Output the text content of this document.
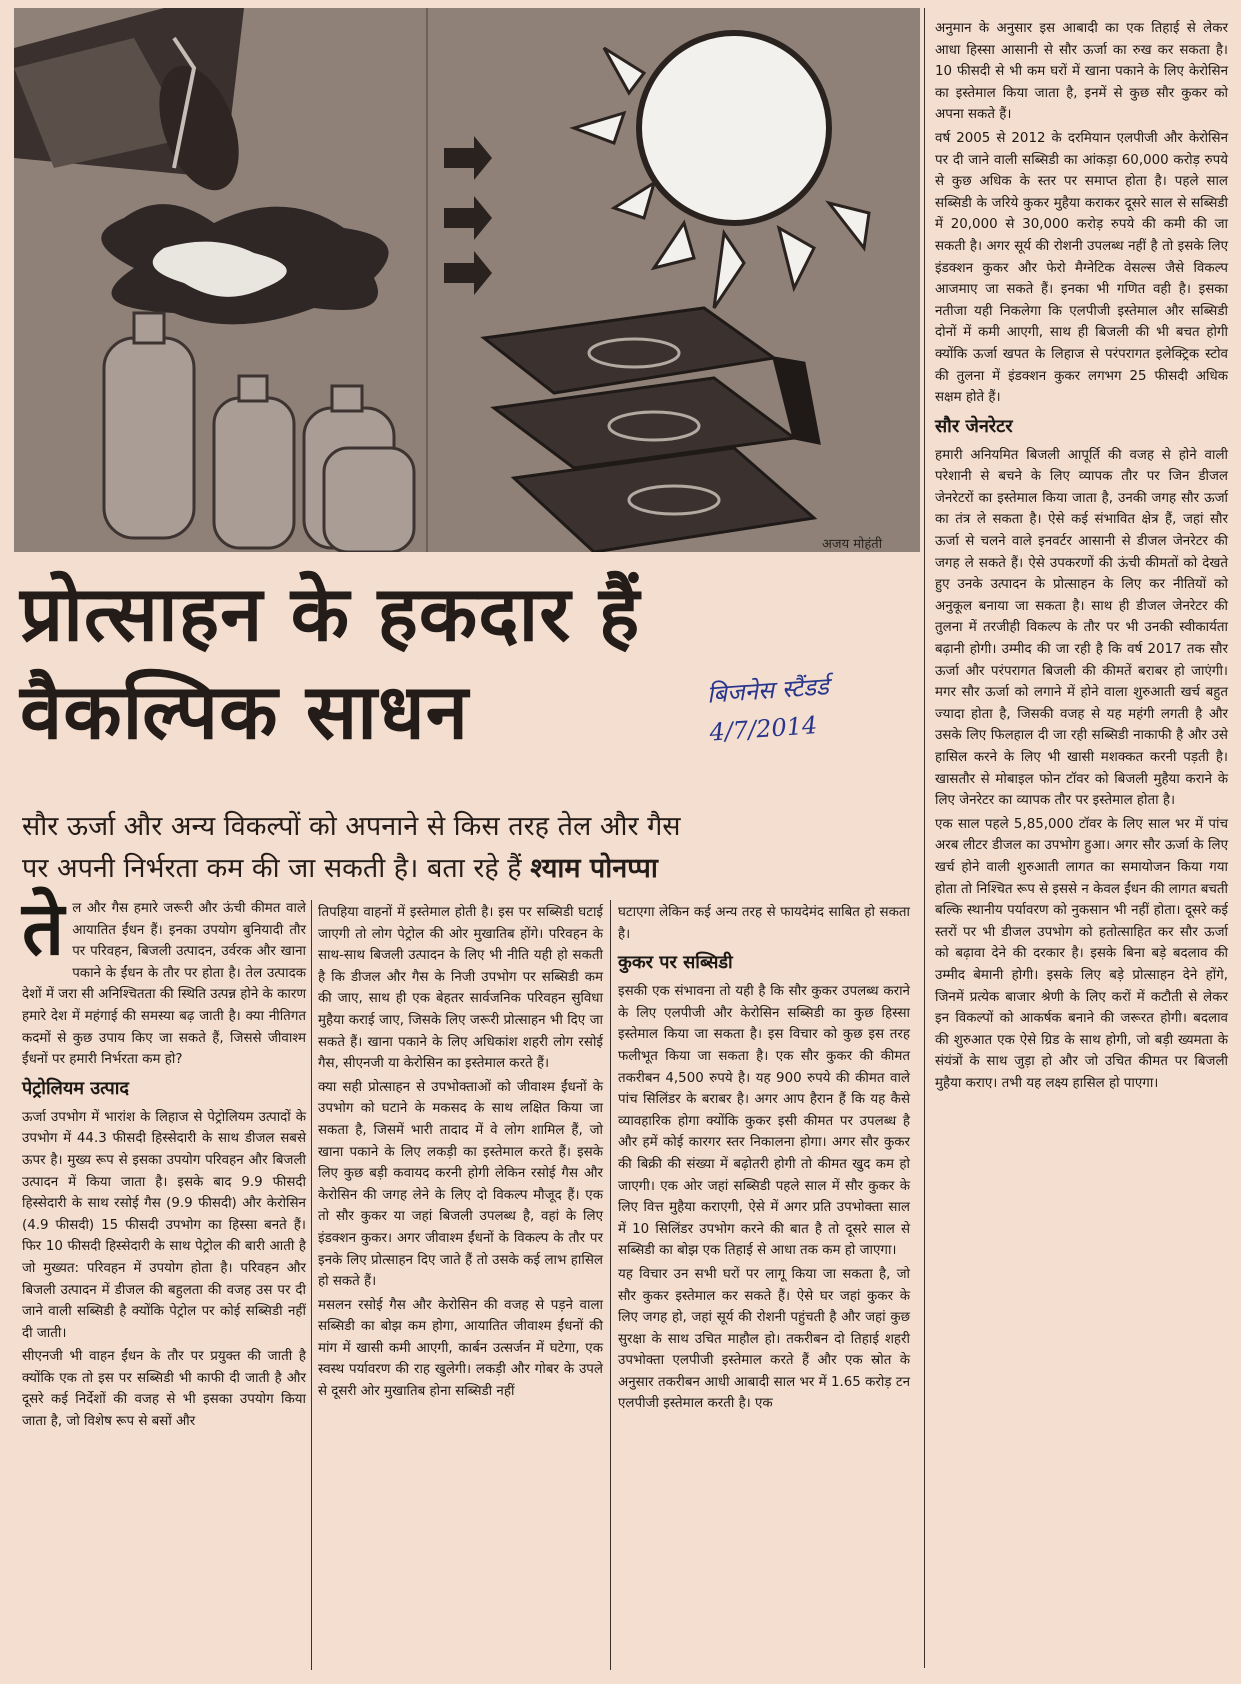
अजय मोहंती
प्रोत्साहन के हकदार हैं
वैकल्पिक साधन	बिजनेस स्टैंडर्ड
4/7/2014
सौर ऊर्जा और अन्य विकल्पों को अपनाने से किस तरह तेल और गैस
पर अपनी निर्भरता कम की जा सकती है। बता रहे हैं श्याम पोनप्पा

तेल और गैस हमारे जरूरी और ऊंची कीमत वाले आयातित ईंधन हैं। इनका उपयोग बुनियादी तौर पर परिवहन, बिजली उत्पादन, उर्वरक और खाना पकाने के ईंधन के तौर पर होता है। तेल उत्पादक देशों में जरा सी अनिश्चितता की स्थिति उत्पन्न होने के कारण हमारे देश में महंगाई की समस्या बढ़ जाती है। क्या नीतिगत कदमों से कुछ उपाय किए जा सकते हैं, जिससे जीवाश्म ईंधनों पर हमारी निर्भरता कम हो?

पेट्रोलियम उत्पाद

ऊर्जा उपभोग में भारांश के लिहाज से पेट्रोलियम उत्पादों के उपभोग में 44.3 फीसदी हिस्सेदारी के साथ डीजल सबसे ऊपर है। मुख्य रूप से इसका उपयोग परिवहन और बिजली उत्पादन में किया जाता है। इसके बाद 9.9 फीसदी हिस्सेदारी के साथ रसोई गैस (9.9 फीसदी) और केरोसिन (4.9 फीसदी) 15 फीसदी उपभोग का हिस्सा बनते हैं। फिर 10 फीसदी हिस्सेदारी के साथ पेट्रोल की बारी आती है जो मुख्यत: परिवहन में उपयोग होता है। परिवहन और बिजली उत्पादन में डीजल की बहुलता की वजह उस पर दी जाने वाली सब्सिडी है क्योंकि पेट्रोल पर कोई सब्सिडी नहीं दी जाती।

सीएनजी भी वाहन ईंधन के तौर पर प्रयुक्त की जाती है क्योंकि एक तो इस पर सब्सिडी भी काफी दी जाती है और दूसरे कई निर्देशों की वजह से भी इसका उपयोग किया जाता है, जो विशेष रूप से बसों और

तिपहिया वाहनों में इस्तेमाल होती है। इस पर सब्सिडी घटाई जाएगी तो लोग पेट्रोल की ओर मुखातिब होंगे। परिवहन के साथ-साथ बिजली उत्पादन के लिए भी नीति यही हो सकती है कि डीजल और गैस के निजी उपभोग पर सब्सिडी कम की जाए, साथ ही एक बेहतर सार्वजनिक परिवहन सुविधा मुहैया कराई जाए, जिसके लिए जरूरी प्रोत्साहन भी दिए जा सकते हैं। खाना पकाने के लिए अधिकांश शहरी लोग रसोई गैस, सीएनजी या केरोसिन का इस्तेमाल करते हैं।

क्या सही प्रोत्साहन से उपभोक्ताओं को जीवाश्म ईंधनों के उपभोग को घटाने के मकसद के साथ लक्षित किया जा सकता है, जिसमें भारी तादाद में वे लोग शामिल हैं, जो खाना पकाने के लिए लकड़ी का इस्तेमाल करते हैं। इसके लिए कुछ बड़ी कवायद करनी होगी लेकिन रसोई गैस और केरोसिन की जगह लेने के लिए दो विकल्प मौजूद हैं। एक तो सौर कुकर या जहां बिजली उपलब्ध है, वहां के लिए इंडक्शन कुकर। अगर जीवाश्म ईंधनों के विकल्प के तौर पर इनके लिए प्रोत्साहन दिए जाते हैं तो उसके कई लाभ हासिल हो सकते हैं।

मसलन रसोई गैस और केरोसिन की वजह से पड़ने वाला सब्सिडी का बोझ कम होगा, आयातित जीवाश्म ईंधनों की मांग में खासी कमी आएगी, कार्बन उत्सर्जन में घटेगा, एक स्वस्थ पर्यावरण की राह खुलेगी। लकड़ी और गोबर के उपले से दूसरी ओर मुखातिब होना सब्सिडी नहीं

घटाएगा लेकिन कई अन्य तरह से फायदेमंद साबित हो सकता है।

कुकर पर सब्सिडी

इसकी एक संभावना तो यही है कि सौर कुकर उपलब्ध कराने के लिए एलपीजी और केरोसिन सब्सिडी का कुछ हिस्सा इस्तेमाल किया जा सकता है। इस विचार को कुछ इस तरह फलीभूत किया जा सकता है। एक सौर कुकर की कीमत तकरीबन 4,500 रुपये है। यह 900 रुपये की कीमत वाले पांच सिलिंडर के बराबर है। अगर आप हैरान हैं कि यह कैसे व्यावहारिक होगा क्योंकि कुकर इसी कीमत पर उपलब्ध है और हमें कोई कारगर स्तर निकालना होगा। अगर सौर कुकर की बिक्री की संख्या में बढ़ोतरी होगी तो कीमत खुद कम हो जाएगी। एक ओर जहां सब्सिडी पहले साल में सौर कुकर के लिए वित्त मुहैया कराएगी, ऐसे में अगर प्रति उपभोक्ता साल में 10 सिलिंडर उपभोग करने की बात है तो दूसरे साल से सब्सिडी का बोझ एक तिहाई से आधा तक कम हो जाएगा।

यह विचार उन सभी घरों पर लागू किया जा सकता है, जो सौर कुकर इस्तेमाल कर सकते हैं। ऐसे घर जहां कुकर के लिए जगह हो, जहां सूर्य की रोशनी पहुंचती है और जहां कुछ सुरक्षा के साथ उचित माहौल हो। तकरीबन दो तिहाई शहरी उपभोक्ता एलपीजी इस्तेमाल करते हैं और एक स्रोत के अनुसार तकरीबन आधी आबादी साल भर में 1.65 करोड़ टन एलपीजी इस्तेमाल करती है। एक

अनुमान के अनुसार इस आबादी का एक तिहाई से लेकर आधा हिस्सा आसानी से सौर ऊर्जा का रुख कर सकता है। 10 फीसदी से भी कम घरों में खाना पकाने के लिए केरोसिन का इस्तेमाल किया जाता है, इनमें से कुछ सौर कुकर को अपना सकते हैं।

वर्ष 2005 से 2012 के दरमियान एलपीजी और केरोसिन पर दी जाने वाली सब्सिडी का आंकड़ा 60,000 करोड़ रुपये से कुछ अधिक के स्तर पर समाप्त होता है। पहले साल सब्सिडी के जरिये कुकर मुहैया कराकर दूसरे साल से सब्सिडी में 20,000 से 30,000 करोड़ रुपये की कमी की जा सकती है। अगर सूर्य की रोशनी उपलब्ध नहीं है तो इसके लिए इंडक्शन कुकर और फेरो मैग्नेटिक वेसल्स जैसे विकल्प आजमाए जा सकते हैं। इनका भी गणित वही है। इसका नतीजा यही निकलेगा कि एलपीजी इस्तेमाल और सब्सिडी दोनों में कमी आएगी, साथ ही बिजली की भी बचत होगी क्योंकि ऊर्जा खपत के लिहाज से परंपरागत इलेक्ट्रिक स्टोव की तुलना में इंडक्शन कुकर लगभग 25 फीसदी अधिक सक्षम होते हैं।

सौर जेनरेटर

हमारी अनियमित बिजली आपूर्ति की वजह से होने वाली परेशानी से बचने के लिए व्यापक तौर पर जिन डीजल जेनरेटरों का इस्तेमाल किया जाता है, उनकी जगह सौर ऊर्जा का तंत्र ले सकता है। ऐसे कई संभावित क्षेत्र हैं, जहां सौर ऊर्जा से चलने वाले इनवर्टर आसानी से डीजल जेनरेटर की जगह ले सकते हैं। ऐसे उपकरणों की ऊंची कीमतों को देखते हुए उनके उत्पादन के प्रोत्साहन के लिए कर नीतियों को अनुकूल बनाया जा सकता है। साथ ही डीजल जेनरेटर की तुलना में तरजीही विकल्प के तौर पर भी उनकी स्वीकार्यता बढ़ानी होगी। उम्मीद की जा रही है कि वर्ष 2017 तक सौर ऊर्जा और परंपरागत बिजली की कीमतें बराबर हो जाएंगी। मगर सौर ऊर्जा को लगाने में होने वाला शुरुआती खर्च बहुत ज्यादा होता है, जिसकी वजह से यह महंगी लगती है और उसके लिए फिलहाल दी जा रही सब्सिडी नाकाफी है और उसे हासिल करने के लिए भी खासी मशक्कत करनी पड़ती है। खासतौर से मोबाइल फोन टॉवर को बिजली मुहैया कराने के लिए जेनरेटर का व्यापक तौर पर इस्तेमाल होता है।

एक साल पहले 5,85,000 टॉवर के लिए साल भर में पांच अरब लीटर डीजल का उपभोग हुआ। अगर सौर ऊर्जा के लिए खर्च होने वाली शुरुआती लागत का समायोजन किया गया होता तो निश्चित रूप से इससे न केवल ईंधन की लागत बचती बल्कि स्थानीय पर्यावरण को नुकसान भी नहीं होता। दूसरे कई स्तरों पर भी डीजल उपभोग को हतोत्साहित कर सौर ऊर्जा को बढ़ावा देने की दरकार है। इसके बिना बड़े बदलाव की उम्मीद बेमानी होगी। इसके लिए बड़े प्रोत्साहन देने होंगे, जिनमें प्रत्येक बाजार श्रेणी के लिए करों में कटौती से लेकर इन विकल्पों को आकर्षक बनाने की जरूरत होगी। बदलाव की शुरुआत एक ऐसे ग्रिड के साथ होगी, जो बड़ी ख्यमता के संयंत्रों के साथ जुड़ा हो और जो उचित कीमत पर बिजली मुहैया कराए। तभी यह लक्ष्य हासिल हो पाएगा।
